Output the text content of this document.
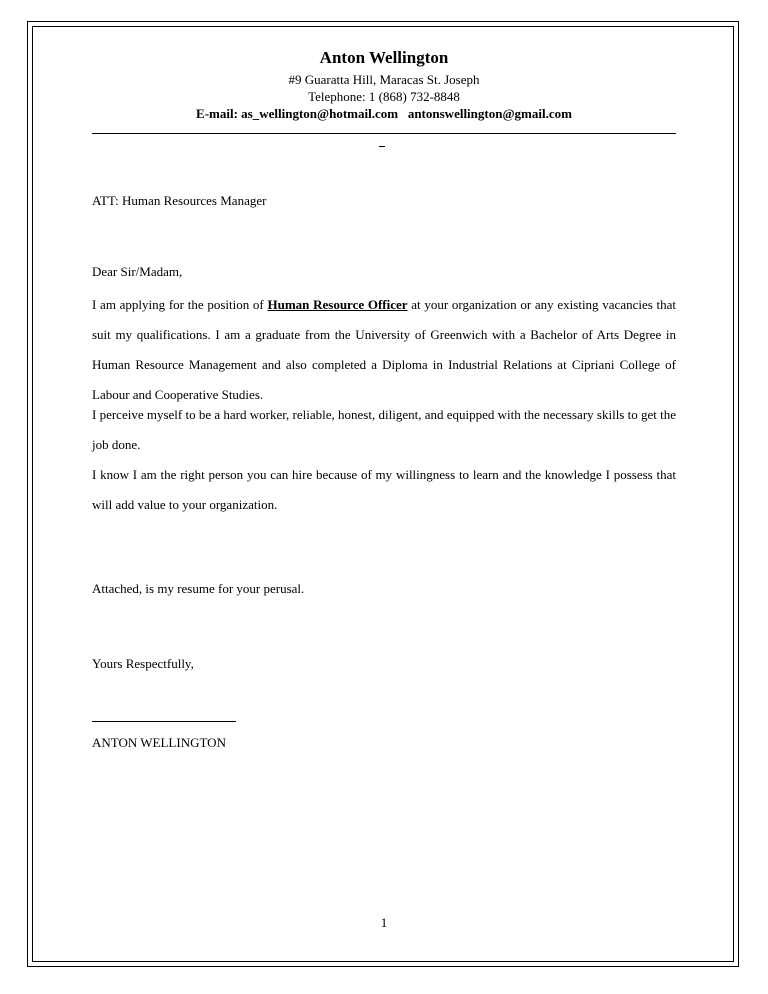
Anton Wellington
#9 Guaratta Hill, Maracas St. Joseph
Telephone: 1 (868) 732-8848
E-mail: as_wellington@hotmail.com antonswellington@gmail.com
ATT: Human Resources Manager
Dear Sir/Madam,
I am applying for the position of Human Resource Officer at your organization or any existing vacancies that suit my qualifications. I am a graduate from the University of Greenwich with a Bachelor of Arts Degree in Human Resource Management and also completed a Diploma in Industrial Relations at Cipriani College of Labour and Cooperative Studies.
I perceive myself to be a hard worker, reliable, honest, diligent, and equipped with the necessary skills to get the job done.
I know I am the right person you can hire because of my willingness to learn and the knowledge I possess that will add value to your organization.
Attached, is my resume for your perusal.
Yours Respectfully,
ANTON WELLINGTON
1
